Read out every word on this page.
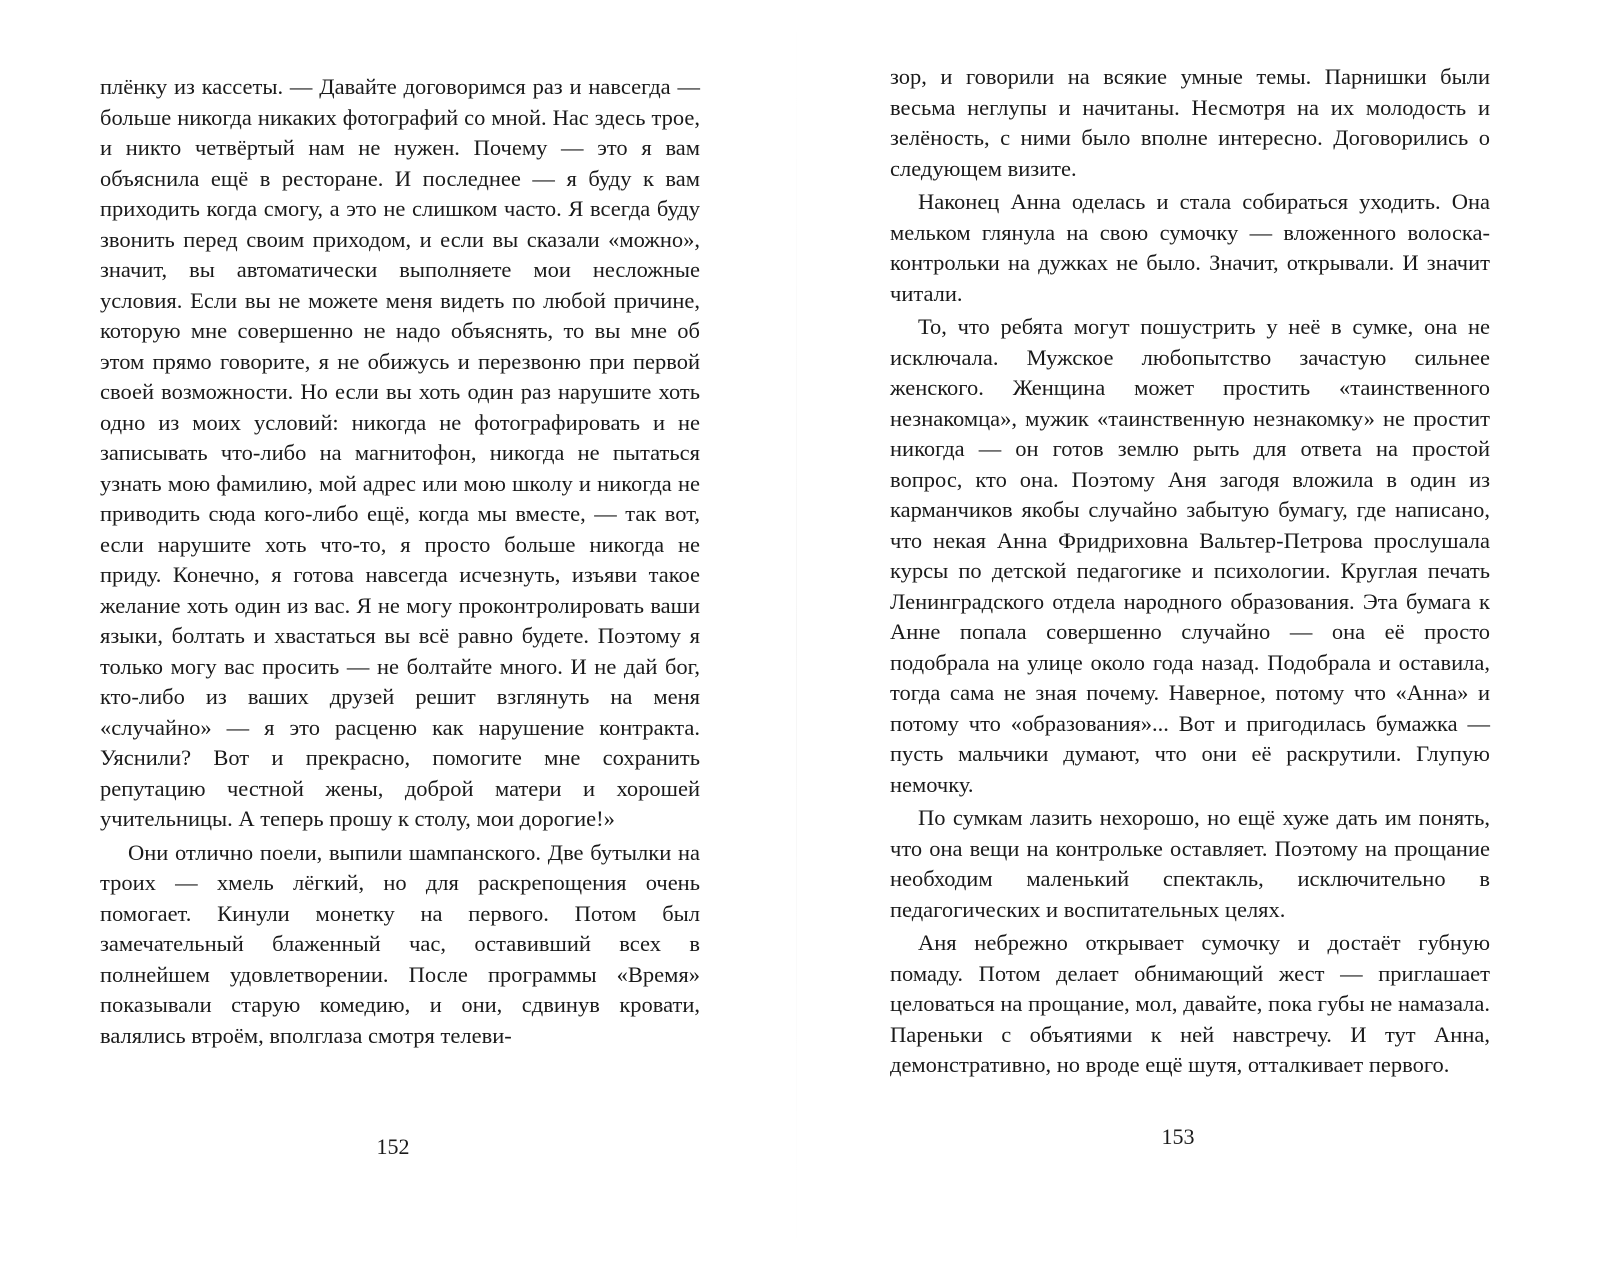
плёнку из кассеты. — Давайте договоримся раз и навсегда — больше никогда никаких фотографий со мной. Нас здесь трое, и никто четвёртый нам не нужен. Почему — это я вам объяснила ещё в ресторане. И последнее — я буду к вам приходить когда смогу, а это не слишком часто. Я всегда буду звонить перед своим приходом, и если вы сказали «можно», значит, вы автоматически выполняете мои несложные условия. Если вы не можете меня видеть по любой причине, которую мне совершенно не надо объяснять, то вы мне об этом прямо говорите, я не обижусь и перезвоню при первой своей возможности. Но если вы хоть один раз нарушите хоть одно из моих условий: никогда не фотографировать и не записывать что-либо на магнитофон, никогда не пытаться узнать мою фамилию, мой адрес или мою школу и никогда не приводить сюда кого-либо ещё, когда мы вместе, — так вот, если нарушите хоть что-то, я просто больше никогда не приду. Конечно, я готова навсегда исчезнуть, изъяви такое желание хоть один из вас. Я не могу проконтролировать ваши языки, болтать и хвастаться вы всё равно будете. Поэтому я только могу вас просить — не болтайте много. И не дай бог, кто-либо из ваших друзей решит взглянуть на меня «случайно» — я это расценю как нарушение контракта. Уяснили? Вот и прекрасно, помогите мне сохранить репутацию честной жены, доброй матери и хорошей учительницы. А теперь прошу к столу, мои дорогие!»

Они отлично поели, выпили шампанского. Две бутылки на троих — хмель лёгкий, но для раскрепощения очень помогает. Кинули монетку на первого. Потом был замечательный блаженный час, оставивший всех в полнейшем удовлетворении. После программы «Время» показывали старую комедию, и они, сдвинув кровати, валялись втроём, вполглаза смотря телеви-

152

зор, и говорили на всякие умные темы. Парнишки были весьма неглупы и начитаны. Несмотря на их молодость и зелёность, с ними было вполне интересно. Договорились о следующем визите.

Наконец Анна оделась и стала собираться уходить. Она мельком глянула на свою сумочку — вложенного волоска-контрольки на дужках не было. Значит, открывали. И значит читали.

То, что ребята могут пошустрить у неё в сумке, она не исключала. Мужское любопытство зачастую сильнее женского. Женщина может простить «таинственного незнакомца», мужик «таинственную незнакомку» не простит никогда — он готов землю рыть для ответа на простой вопрос, кто она. Поэтому Аня загодя вложила в один из карманчиков якобы случайно забытую бумагу, где написано, что некая Анна Фридриховна Вальтер-Петрова прослушала курсы по детской педагогике и психологии. Круглая печать Ленинградского отдела народного образования. Эта бумага к Анне попала совершенно случайно — она её просто подобрала на улице около года назад. Подобрала и оставила, тогда сама не зная почему. Наверное, потому что «Анна» и потому что «образования»... Вот и пригодилась бумажка — пусть мальчики думают, что они её раскрутили. Глупую немочку.

По сумкам лазить нехорошо, но ещё хуже дать им понять, что она вещи на контрольке оставляет. Поэтому на прощание необходим маленький спектакль, исключительно в педагогических и воспитательных целях.

Аня небрежно открывает сумочку и достаёт губную помаду. Потом делает обнимающий жест — приглашает целоваться на прощание, мол, давайте, пока губы не намазала. Пареньки с объятиями к ней навстречу. И тут Анна, демонстративно, но вроде ещё шутя, отталкивает первого.

153
